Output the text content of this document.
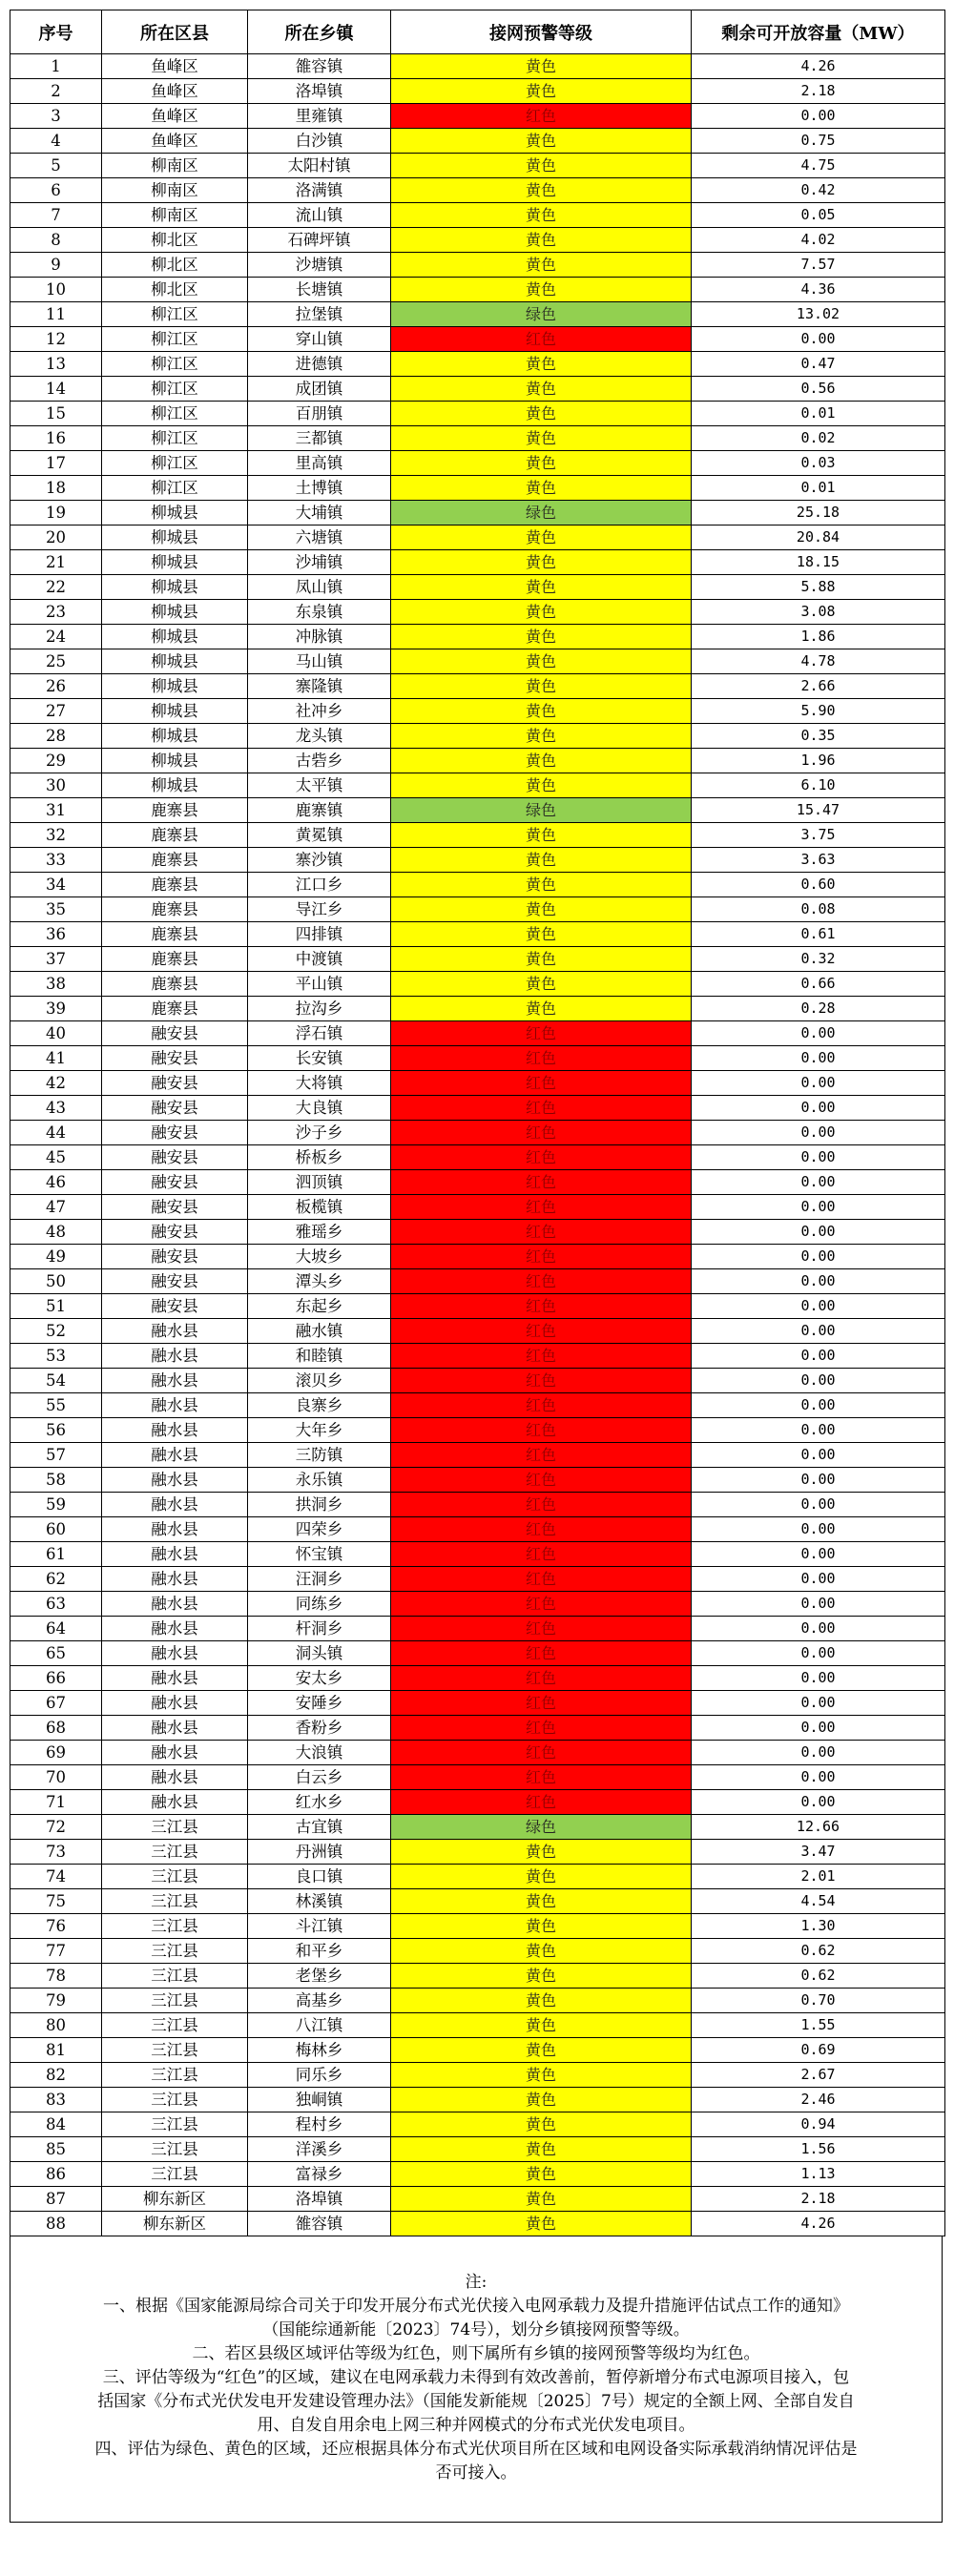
序号	所在区县	所在乡镇	接网预警等级	剩余可开放容量（MW）
1	鱼峰区	雒容镇	黄色	4.26
2	鱼峰区	洛埠镇	黄色	2.18
3	鱼峰区	里雍镇	红色	0.00
4	鱼峰区	白沙镇	黄色	0.75
5	柳南区	太阳村镇	黄色	4.75
6	柳南区	洛满镇	黄色	0.42
7	柳南区	流山镇	黄色	0.05
8	柳北区	石碑坪镇	黄色	4.02
9	柳北区	沙塘镇	黄色	7.57
10	柳北区	长塘镇	黄色	4.36
11	柳江区	拉堡镇	绿色	13.02
12	柳江区	穿山镇	红色	0.00
13	柳江区	进德镇	黄色	0.47
14	柳江区	成团镇	黄色	0.56
15	柳江区	百朋镇	黄色	0.01
16	柳江区	三都镇	黄色	0.02
17	柳江区	里高镇	黄色	0.03
18	柳江区	土博镇	黄色	0.01
19	柳城县	大埔镇	绿色	25.18
20	柳城县	六塘镇	黄色	20.84
21	柳城县	沙埔镇	黄色	18.15
22	柳城县	凤山镇	黄色	5.88
23	柳城县	东泉镇	黄色	3.08
24	柳城县	冲脉镇	黄色	1.86
25	柳城县	马山镇	黄色	4.78
26	柳城县	寨隆镇	黄色	2.66
27	柳城县	社冲乡	黄色	5.90
28	柳城县	龙头镇	黄色	0.35
29	柳城县	古砦乡	黄色	1.96
30	柳城县	太平镇	黄色	6.10
31	鹿寨县	鹿寨镇	绿色	15.47
32	鹿寨县	黄冕镇	黄色	3.75
33	鹿寨县	寨沙镇	黄色	3.63
34	鹿寨县	江口乡	黄色	0.60
35	鹿寨县	导江乡	黄色	0.08
36	鹿寨县	四排镇	黄色	0.61
37	鹿寨县	中渡镇	黄色	0.32
38	鹿寨县	平山镇	黄色	0.66
39	鹿寨县	拉沟乡	黄色	0.28
40	融安县	浮石镇	红色	0.00
41	融安县	长安镇	红色	0.00
42	融安县	大将镇	红色	0.00
43	融安县	大良镇	红色	0.00
44	融安县	沙子乡	红色	0.00
45	融安县	桥板乡	红色	0.00
46	融安县	泗顶镇	红色	0.00
47	融安县	板榄镇	红色	0.00
48	融安县	雅瑶乡	红色	0.00
49	融安县	大坡乡	红色	0.00
50	融安县	潭头乡	红色	0.00
51	融安县	东起乡	红色	0.00
52	融水县	融水镇	红色	0.00
53	融水县	和睦镇	红色	0.00
54	融水县	滚贝乡	红色	0.00
55	融水县	良寨乡	红色	0.00
56	融水县	大年乡	红色	0.00
57	融水县	三防镇	红色	0.00
58	融水县	永乐镇	红色	0.00
59	融水县	拱洞乡	红色	0.00
60	融水县	四荣乡	红色	0.00
61	融水县	怀宝镇	红色	0.00
62	融水县	汪洞乡	红色	0.00
63	融水县	同练乡	红色	0.00
64	融水县	杆洞乡	红色	0.00
65	融水县	洞头镇	红色	0.00
66	融水县	安太乡	红色	0.00
67	融水县	安陲乡	红色	0.00
68	融水县	香粉乡	红色	0.00
69	融水县	大浪镇	红色	0.00
70	融水县	白云乡	红色	0.00
71	融水县	红水乡	红色	0.00
72	三江县	古宜镇	绿色	12.66
73	三江县	丹洲镇	黄色	3.47
74	三江县	良口镇	黄色	2.01
75	三江县	林溪镇	黄色	4.54
76	三江县	斗江镇	黄色	1.30
77	三江县	和平乡	黄色	0.62
78	三江县	老堡乡	黄色	0.62
79	三江县	高基乡	黄色	0.70
80	三江县	八江镇	黄色	1.55
81	三江县	梅林乡	黄色	0.69
82	三江县	同乐乡	黄色	2.67
83	三江县	独峒镇	黄色	2.46
84	三江县	程村乡	黄色	0.94
85	三江县	洋溪乡	黄色	1.56
86	三江县	富禄乡	黄色	1.13
87	柳东新区	洛埠镇	黄色	2.18
88	柳东新区	雒容镇	黄色	4.26

注:

一、根据《国家能源局综合司关于印发开展分布式光伏接入电网承载力及提升措施评估试点工作的通知》

（国能综通新能〔2023〕74号），划分乡镇接网预警等级。

二、若区县级区域评估等级为红色，则下属所有乡镇的接网预警等级均为红色。

三、评估等级为“红色”的区域，建议在电网承载力未得到有效改善前，暂停新增分布式电源项目接入，包

括国家《分布式光伏发电开发建设管理办法》（国能发新能规〔2025〕7号）规定的全额上网、全部自发自

用、自发自用余电上网三种并网模式的分布式光伏发电项目。

四、评估为绿色、黄色的区域，还应根据具体分布式光伏项目所在区域和电网设备实际承载消纳情况评估是

否可接入。
